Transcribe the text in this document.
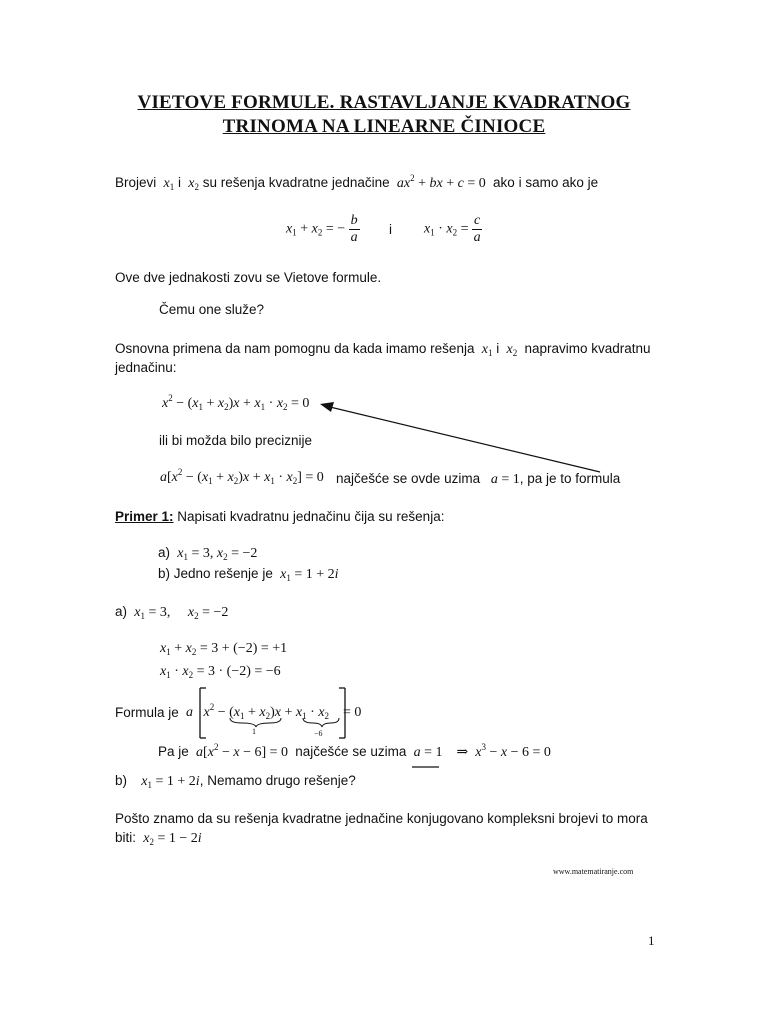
VIETOVE FORMULE. RASTAVLJANJE KVADRATNOG
TRINOMA NA LINEARNE ČINIOCE
Brojevi $x_1$ i $x_2$ su rešenja kvadratne jednačine $ax^2$ + bx + c = 0  ako i samo ako je
$x_1 + x_2$ = − $\frac{b}{a}$ i $x_1 \cdot x_2 = \frac{c}{a}$
Ove dve jednakosti zovu se Vietove formule.
Čemu one služe?
Osnovna primena da nam pomognu da kada imamo rešenja $x_1$ i $x_2$ napravimo kvadratnu
jednačinu:
$x^2 - (x_1 + x_2)x + x_1 \cdot x_2 = 0$
ili bi možda bilo preciznije
$a[x^2 - (x_1 + x_2)x + x_1 \cdot x_2] = 0$ najčešće se ovde uzima a = 1, pa je to formula
Primer 1: Napisati kvadratnu jednačinu čija su rešenja:
a) $x_1 = 3$, $x_2 = -2$
b) Jedno rešenje je $x_1 = 1 + 2i$
a) $x_1 = 3$,     $x_2 = -2$
$x_1 + x_2 = 3 + (-2) = +1$
$x_1 \cdot x_2 = 3 \cdot (-2) = -6$
Formula je a $x^2 - (x_1 + x_2)x + x_1 \cdot x_2$    = 0
1	−6
Pa je $a[x^2 - x - 6] = 0$  najčešće se uzima a = 1    ⇒  $x^3 - x - 6 = 0$
b) $x_1 = 1 + 2i$, Nemamo drugo rešenje?
Pošto znamo da su rešenja kvadratne jednačine konjugovano kompleksni brojevi to mora
biti: $x_2 = 1 - 2i$
www.matematiranje.com
1
